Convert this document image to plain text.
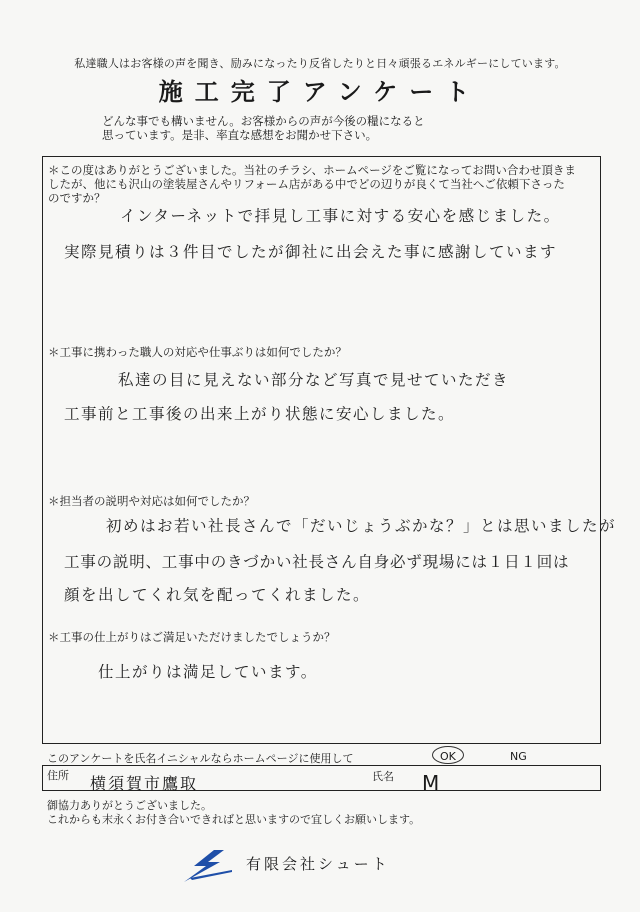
私達職人はお客様の声を聞き、励みになったり反省したりと日々頑張るエネルギーにしています。
施工完了アンケート
どんな事でも構いません。お客様からの声が今後の糧になると
思っています。是非、率直な感想をお聞かせ下さい。
＊この度はありがとうございました。当社のチラシ、ホームページをご覧になってお問い合わせ頂きま
したが、他にも沢山の塗装屋さんやリフォーム店がある中でどの辺りが良くて当社へご依頼下さった
のですか？
インターネットで拝見し工事に対する安心を感じました。
実際見積りは３件目でしたが御社に出会えた事に感謝しています
＊工事に携わった職人の対応や仕事ぶりは如何でしたか？
私達の目に見えない部分など写真で見せていただき
工事前と工事後の出来上がり状態に安心しました。
＊担当者の説明や対応は如何でしたか？
初めはお若い社長さんで「だいじょうぶかな？」とは思いましたが
工事の説明、工事中のきづかい社長さん自身必ず現場には１日１回は
顔を出してくれ気を配ってくれました。
＊工事の仕上がりはご満足いただけましたでしょうか？
仕上がりは満足しています。
このアンケートを氏名イニシャルならホームページに使用して	OK	NG
住所 横須賀市鷹取	氏名 M
御協力ありがとうございました。
これからも末永くお付き合いできればと思いますので宜しくお願いします。
有限会社シュート
